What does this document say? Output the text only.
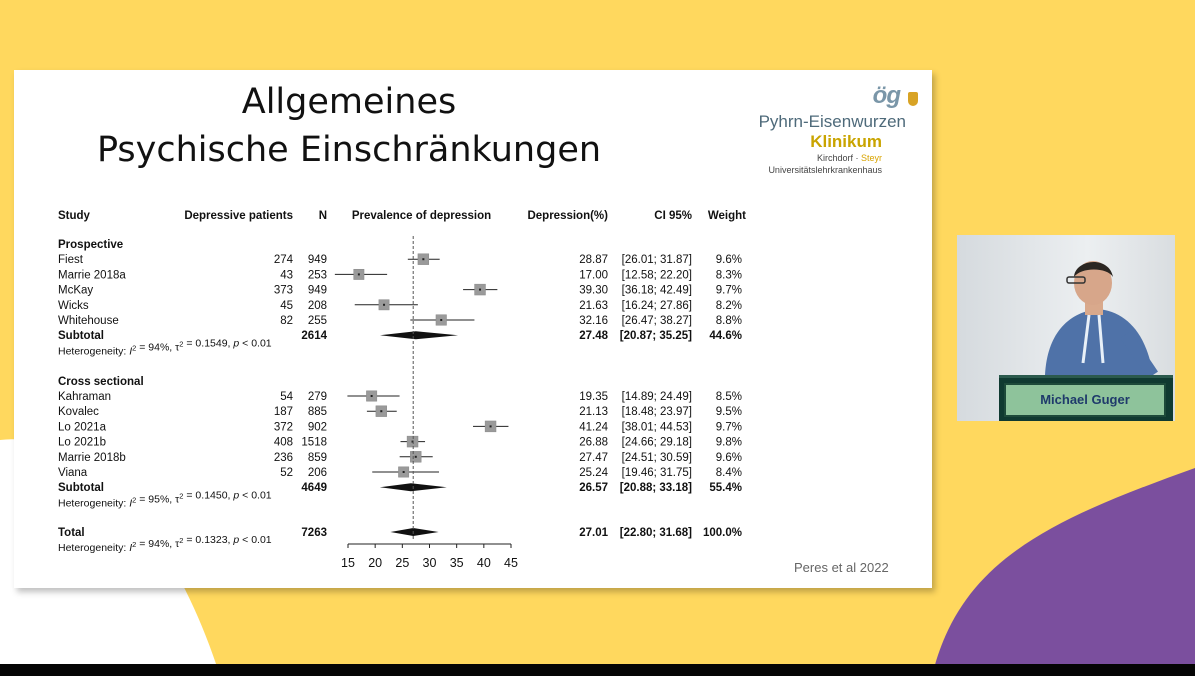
Allgemeines
Psychische Einschränkungen
ög
Pyhrn-Eisenwurzen
Klinikum
Kirchdorf · Steyr
Universitätslehrkrankenhaus
Study	Depressive patients N Prevalence of depression	Depression(%)	CI 95% Weight
Prospective
Fiest	274 949	28.87 [26.01; 31.87] 9.6%
Marrie 2018a	43 253	17.00 [12.58; 22.20] 8.3%
McKay	373 949	39.30 [36.18; 42.49] 9.7%
Wicks	45 208	21.63 [16.24; 27.86] 8.2%
Whitehouse	82 255	32.16 [26.47; 38.27] 8.8%
Subtotal	2614	27.48 [20.87; 35.25] 44.6%
Heterogeneity: $I^2 = 94\%$, $\tau^2 = 0.1549$, p < 0.01
Cross sectional
Kahraman	54 279	19.35 [14.89; 24.49] 8.5%
Kovalec	187 885	21.13 [18.48; 23.97] 9.5%
Lo 2021a	372 902	41.24 [38.01; 44.53] 9.7%
Lo 2021b	408 1518	26.88 [24.66; 29.18] 9.8%
Marrie 2018b	236 859	27.47 [24.51; 30.59] 9.6%
Viana	52 206	25.24 [19.46; 31.75] 8.4%
Subtotal	4649	26.57 [20.88; 33.18] 55.4%
Heterogeneity: $I^2 = 95\%$, $\tau^2 = 0.1450$, p < 0.01
Total	7263	27.01 [22.80; 31.68] 100.0%
Heterogeneity: $I^2 = 94\%$, $\tau^2 = 0.1323$, p < 0.01
15 20 25 30 35 40 45	Peres et al 2022
Michael Guger
